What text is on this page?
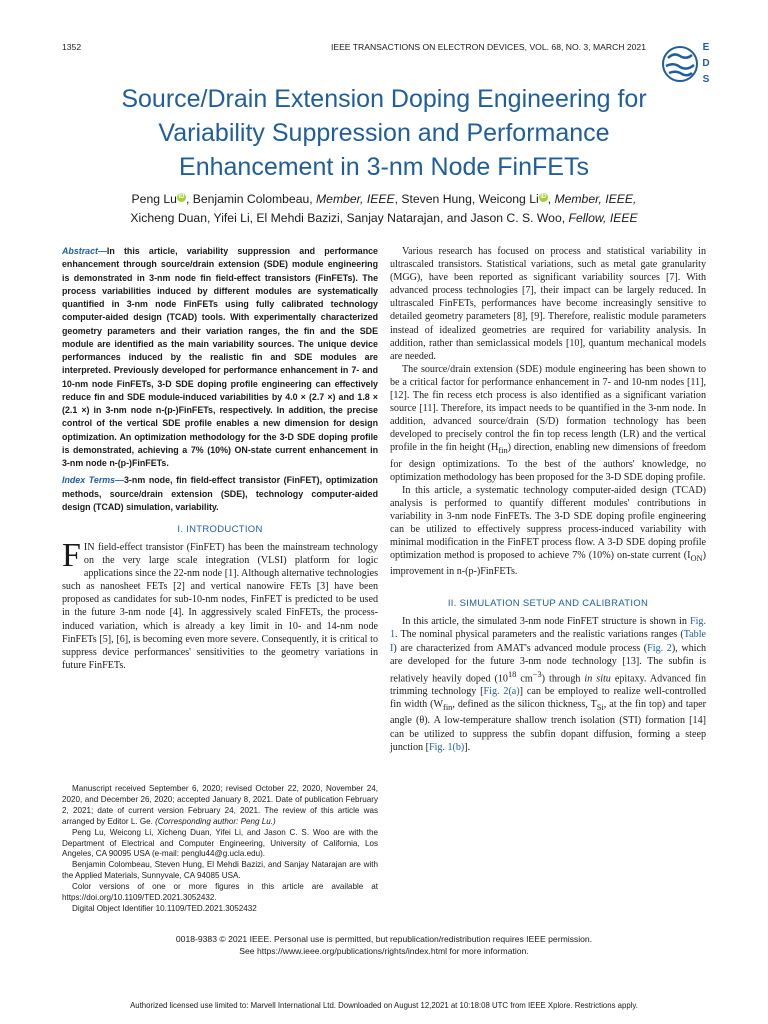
1352	IEEE TRANSACTIONS ON ELECTRON DEVICES, VOL. 68, NO. 3, MARCH 2021	E
D
S
Source/Drain Extension Doping Engineering for
Variability Suppression and Performance
Enhancement in 3-nm Node FinFETs
Peng Lu iD , Benjamin Colombeau, Member, IEEE, Steven Hung, Weicong Li iD , Member, IEEE,
Xicheng Duan, Yifei Li, El Mehdi Bazizi, Sanjay Natarajan, and Jason C. S. Woo, Fellow, IEEE

Abstract—In this article, variability suppression and performance enhancement through source/drain extension (SDE) module engineering is demonstrated in 3-nm node fin field-effect transistors (FinFETs). The process variabilities induced by different modules are systematically quantified in 3-nm node FinFETs using fully calibrated technology computer-aided design (TCAD) tools. With experimentally characterized geometry parameters and their variation ranges, the fin and the SDE module are identified as the main variability sources. The unique device performances induced by the realistic fin and SDE modules are interpreted. Previously developed for performance enhancement in 7- and 10-nm node FinFETs, 3-D SDE doping profile engineering can effectively reduce fin and SDE module-induced variabilities by 4.0 × (2.7 ×) and 1.8 × (2.1 ×) in 3-nm node n-(p-)FinFETs, respectively. In addition, the precise control of the vertical SDE profile enables a new dimension for design optimization. An optimization methodology for the 3-D SDE doping profile is demonstrated, achieving a 7% (10%) ON-state current enhancement in 3-nm node n-(p-)FinFETs.

Index Terms—3-nm node, fin field-effect transistor (FinFET), optimization methods, source/drain extension (SDE), technology computer-aided design (TCAD) simulation, variability.

I. INTRODUCTION

FIN field-effect transistor (FinFET) has been the mainstream technology on the very large scale integration (VLSI) platform for logic applications since the 22-nm node [1]. Although alternative technologies such as nanosheet FETs [2] and vertical nanowire FETs [3] have been proposed as candidates for sub-10-nm nodes, FinFET is predicted to be used in the future 3-nm node [4]. In aggressively scaled FinFETs, the process-induced variation, which is already a key limit in 10- and 14-nm node FinFETs [5], [6], is becoming even more severe. Consequently, it is critical to suppress device performances' sensitivities to the geometry variations in future FinFETs.

Manuscript received September 6, 2020; revised October 22, 2020, November 24, 2020, and December 26, 2020; accepted January 8, 2021. Date of publication February 2, 2021; date of current version February 24, 2021. The review of this article was arranged by Editor L. Ge. (Corresponding author: Peng Lu.)

Peng Lu, Weicong Li, Xicheng Duan, Yifei Li, and Jason C. S. Woo are with the Department of Electrical and Computer Engineering, University of California, Los Angeles, CA 90095 USA (e-mail: penglu44@g.ucla.edu).

Benjamin Colombeau, Steven Hung, El Mehdi Bazizi, and Sanjay Natarajan are with the Applied Materials, Sunnyvale, CA 94085 USA.

Color versions of one or more figures in this article are available at https://doi.org/10.1109/TED.2021.3052432.

Digital Object Identifier 10.1109/TED.2021.3052432

Various research has focused on process and statistical variability in ultrascaled transistors. Statistical variations, such as metal gate granularity (MGG), have been reported as significant variability sources [7]. With advanced process technologies [7], their impact can be largely reduced. In ultrascaled FinFETs, performances have become increasingly sensitive to detailed geometry parameters [8], [9]. Therefore, realistic module parameters instead of idealized geometries are required for variability analysis. In addition, rather than semiclassical models [10], quantum mechanical models are needed.

The source/drain extension (SDE) module engineering has been shown to be a critical factor for performance enhancement in 7- and 10-nm nodes [11], [12]. The fin recess etch process is also identified as a significant variation source [11]. Therefore, its impact needs to be quantified in the 3-nm node. In addition, advanced source/drain (S/D) formation technology has been developed to precisely control the fin top recess length (LR) and the vertical profile in the fin height $(H_{fin})$ direction, enabling new dimensions of freedom for design optimizations. To the best of the authors' knowledge, no optimization methodology has been proposed for the 3-D SDE doping profile.

In this article, a systematic technology computer-aided design (TCAD) analysis is performed to quantify different modules' contributions in variability in 3-nm node FinFETs. The 3-D SDE doping profile engineering can be utilized to effectively suppress process-induced variability with minimal modification in the FinFET process flow. A 3-D SDE doping profile optimization method is proposed to achieve 7% (10%) on-state current $(I_{ON})$ improvement in n-(p-)FinFETs.

II. SIMULATION SETUP AND CALIBRATION

In this article, the simulated 3-nm node FinFET structure is shown in Fig. 1. The nominal physical parameters and the realistic variations ranges (Table I) are characterized from AMAT's advanced module process (Fig. 2), which are developed for the future 3-nm node technology [13]. The subfin is relatively heavily doped ($10^{18}$ $cm^{-3}$) through in situ epitaxy. Advanced fin trimming technology [Fig. 2(a)] can be employed to realize well-controlled fin width ($W_{fin}$, defined as the silicon thickness, $T_{Si}$, at the fin top) and taper angle (θ). A low-temperature shallow trench isolation (STI) formation [14] can be utilized to suppress the subfin dopant diffusion, forming a steep junction [Fig. 1(b)].

0018-9383 © 2021 IEEE. Personal use is permitted, but republication/redistribution requires IEEE permission.
See https://www.ieee.org/publications/rights/index.html for more information.
Authorized licensed use limited to: Marvell International Ltd. Downloaded on August 12,2021 at 10:18:08 UTC from IEEE Xplore. Restrictions apply.
